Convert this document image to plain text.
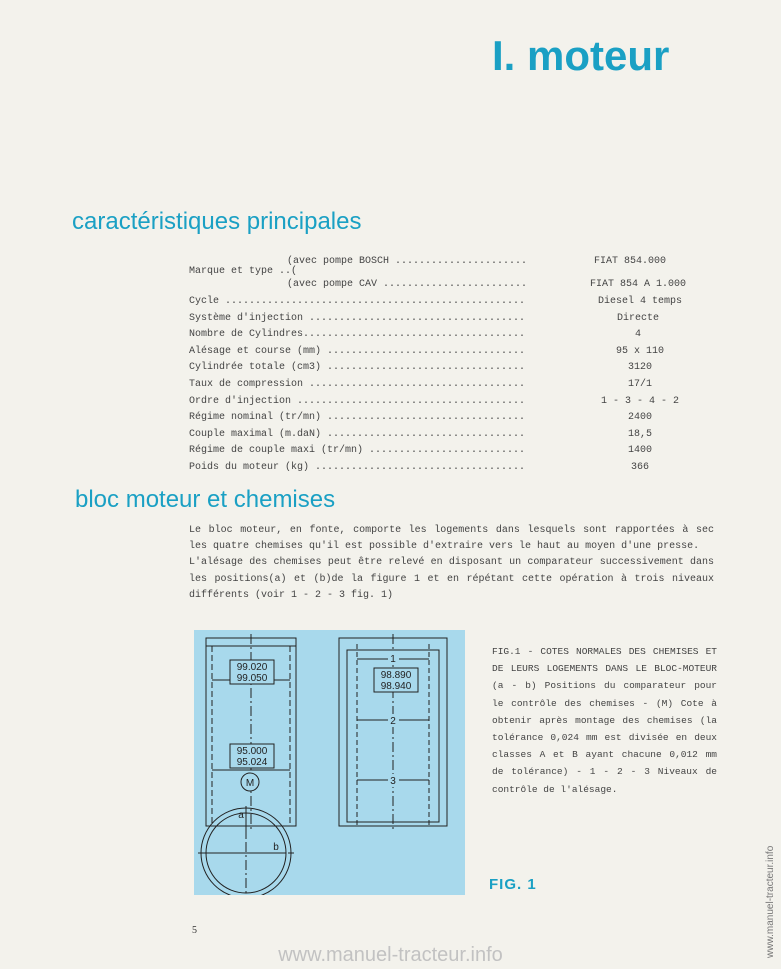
I. moteur
caractéristiques principales
Marque et type ..(
(avec pompe BOSCH ......................	FIAT 854.000
(avec pompe CAV ........................	FIAT 854 A 1.000
Cycle ..................................................	Diesel 4 temps
Système d'injection ....................................	Directe
Nombre de Cylindres.....................................	4
Alésage et course (mm) .................................	95 x 110
Cylindrée totale (cm3) .................................	3120
Taux de compression ....................................	17/1
Ordre d'injection ......................................	1 - 3 - 4 - 2
Régime nominal (tr/mn) .................................	2400
Couple maximal (m.daN) .................................	18,5
Régime de couple maxi (tr/mn) ..........................	1400
Poids du moteur (kg) ...................................	366
bloc moteur et chemises

Le bloc moteur, en fonte, comporte les logements dans lesquels sont rapportées à sec les quatre chemises qu'il est possible d'extraire vers le haut au moyen d'une presse.

L'alésage des chemises peut être relevé en disposant un comparateur successivement dans les positions(a) et (b)de la figure 1 et en répétant cette opération à trois niveaux différents (voir 1 - 2 - 3 fig. 1)

99.020
99.050
95.000
95.024
M
a
b
98.890
98.940
1
2
3
FIG.1 - COTES NORMALES DES CHEMISES ET DE LEURS LOGEMENTS DANS LE BLOC-MOTEUR (a - b) Positions du comparateur pour le contrôle des chemises - (M) Cote à obtenir après montage des chemises (la tolérance 0,024 mm est divisée en deux classes A et B ayant chacune 0,012 mm de tolérance) - 1 - 2 - 3 Niveaux de contrôle de l'alésage.
FIG. 1
5
www.manuel-tracteur.info	www.manuel-tracteur.info
